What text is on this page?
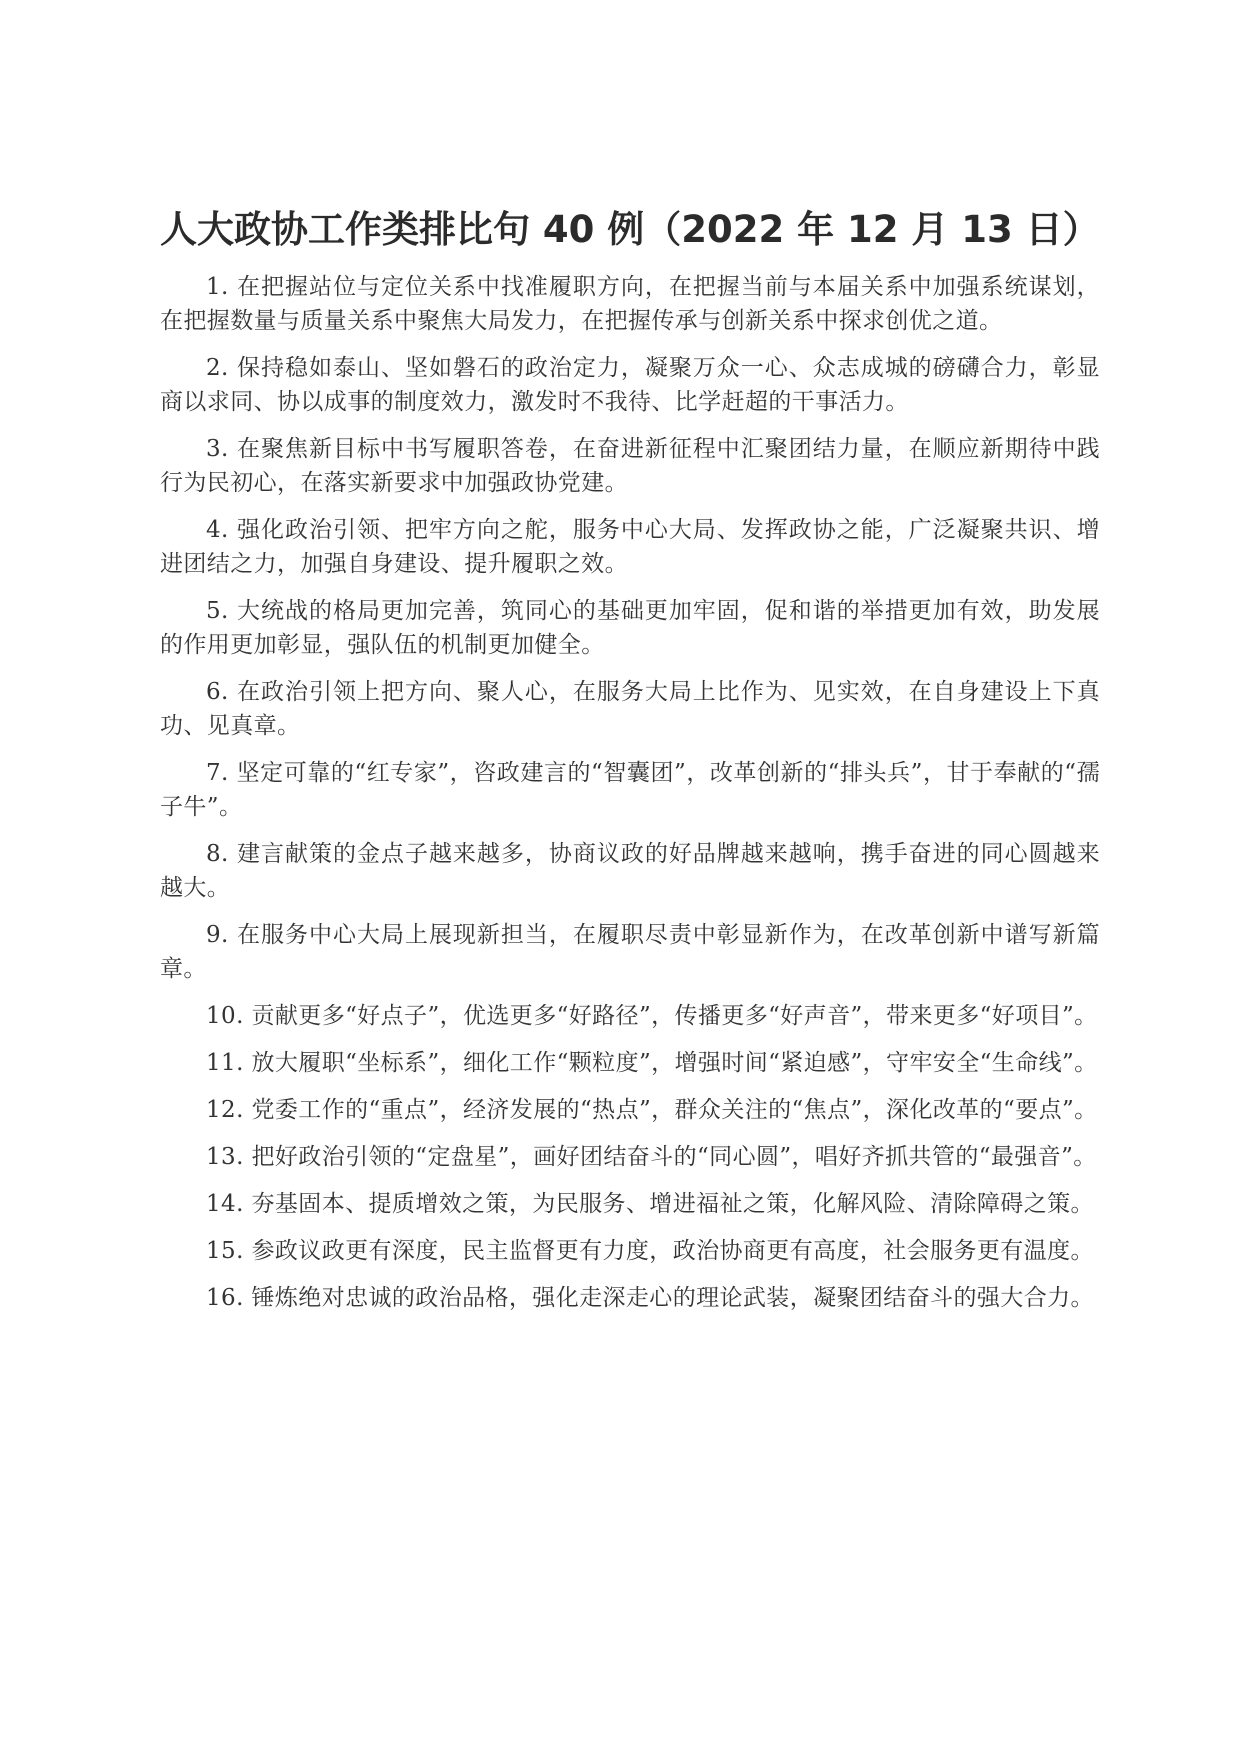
人大政协工作类排比句 40 例（2022 年 12 月 13 日）

1. 在把握站位与定位关系中找准履职方向，在把握当前与本届关系中加强系统谋划，在把握数量与质量关系中聚焦大局发力，在把握传承与创新关系中探求创优之道。

2. 保持稳如泰山、坚如磐石的政治定力，凝聚万众一心、众志成城的磅礴合力，彰显商以求同、协以成事的制度效力，激发时不我待、比学赶超的干事活力。

3. 在聚焦新目标中书写履职答卷，在奋进新征程中汇聚团结力量，在顺应新期待中践行为民初心，在落实新要求中加强政协党建。

4. 强化政治引领、把牢方向之舵，服务中心大局、发挥政协之能，广泛凝聚共识、增进团结之力，加强自身建设、提升履职之效。

5. 大统战的格局更加完善，筑同心的基础更加牢固，促和谐的举措更加有效，助发展的作用更加彰显，强队伍的机制更加健全。

6. 在政治引领上把方向、聚人心，在服务大局上比作为、见实效，在自身建设上下真功、见真章。

7. 坚定可靠的“红专家”，咨政建言的“智囊团”，改革创新的“排头兵”，甘于奉献的“孺子牛”。

8. 建言献策的金点子越来越多，协商议政的好品牌越来越响，携手奋进的同心圆越来越大。

9. 在服务中心大局上展现新担当，在履职尽责中彰显新作为，在改革创新中谱写新篇章。

10. 贡献更多“好点子”，优选更多“好路径”，传播更多“好声音”，带来更多“好项目”。

11. 放大履职“坐标系”，细化工作“颗粒度”，增强时间“紧迫感”，守牢安全“生命线”。

12. 党委工作的“重点”，经济发展的“热点”，群众关注的“焦点”，深化改革的“要点”。

13. 把好政治引领的“定盘星”，画好团结奋斗的“同心圆”，唱好齐抓共管的“最强音”。

14. 夯基固本、提质增效之策，为民服务、增进福祉之策，化解风险、清除障碍之策。

15. 参政议政更有深度，民主监督更有力度，政治协商更有高度，社会服务更有温度。

16. 锤炼绝对忠诚的政治品格，强化走深走心的理论武装，凝聚团结奋斗的强大合力。
